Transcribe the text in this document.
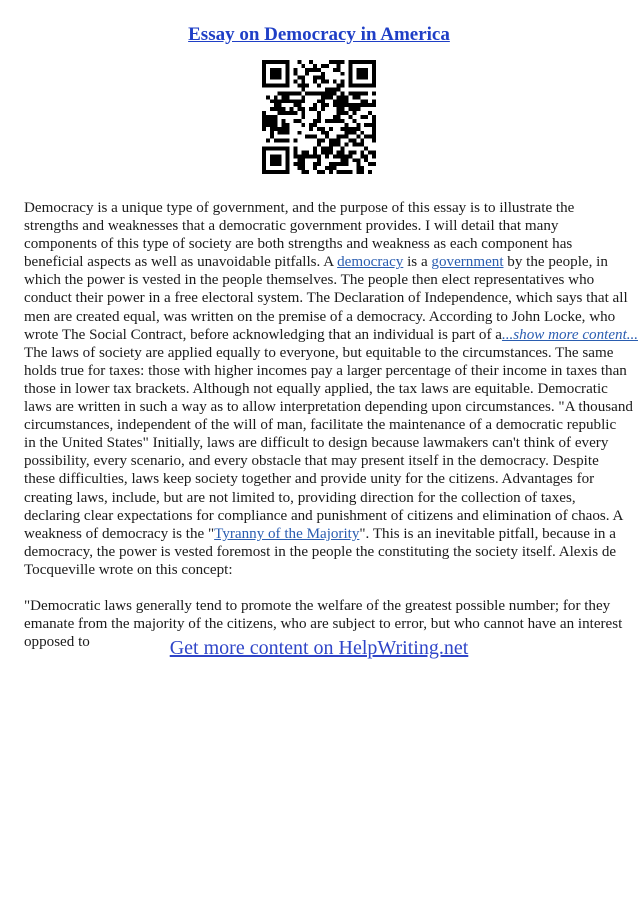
Essay on Democracy in America
Democracy is a unique type of government, and the purpose of this essay is to illustrate the
strengths and weaknesses that a democratic government provides. I will detail that many
components of this type of society are both strengths and weakness as each component has
beneficial aspects as well as unavoidable pitfalls. A democracy is a government by the people, in
which the power is vested in the people themselves. The people then elect representatives who
conduct their power in a free electoral system. The Declaration of Independence, which says that all
men are created equal, was written on the premise of a democracy. According to John Locke, who
wrote The Social Contract, before acknowledging that an individual is part of a...show more content...
The laws of society are applied equally to everyone, but equitable to the circumstances. The same
holds true for taxes: those with higher incomes pay a larger percentage of their income in taxes than
those in lower tax brackets. Although not equally applied, the tax laws are equitable. Democratic
laws are written in such a way as to allow interpretation depending upon circumstances. "A thousand
circumstances, independent of the will of man, facilitate the maintenance of a democratic republic
in the United States" Initially, laws are difficult to design because lawmakers can't think of every
possibility, every scenario, and every obstacle that may present itself in the democracy. Despite
these difficulties, laws keep society together and provide unity for the citizens. Advantages for
creating laws, include, but are not limited to, providing direction for the collection of taxes,
declaring clear expectations for compliance and punishment of citizens and elimination of chaos. A
weakness of democracy is the "Tyranny of the Majority". This is an inevitable pitfall, because in a
democracy, the power is vested foremost in the people the constituting the society itself. Alexis de
Tocqueville wrote on this concept:
"Democratic laws generally tend to promote the welfare of the greatest possible number; for they
emanate from the majority of the citizens, who are subject to error, but who cannot have an interest
opposed to	Get more content on HelpWriting.net
